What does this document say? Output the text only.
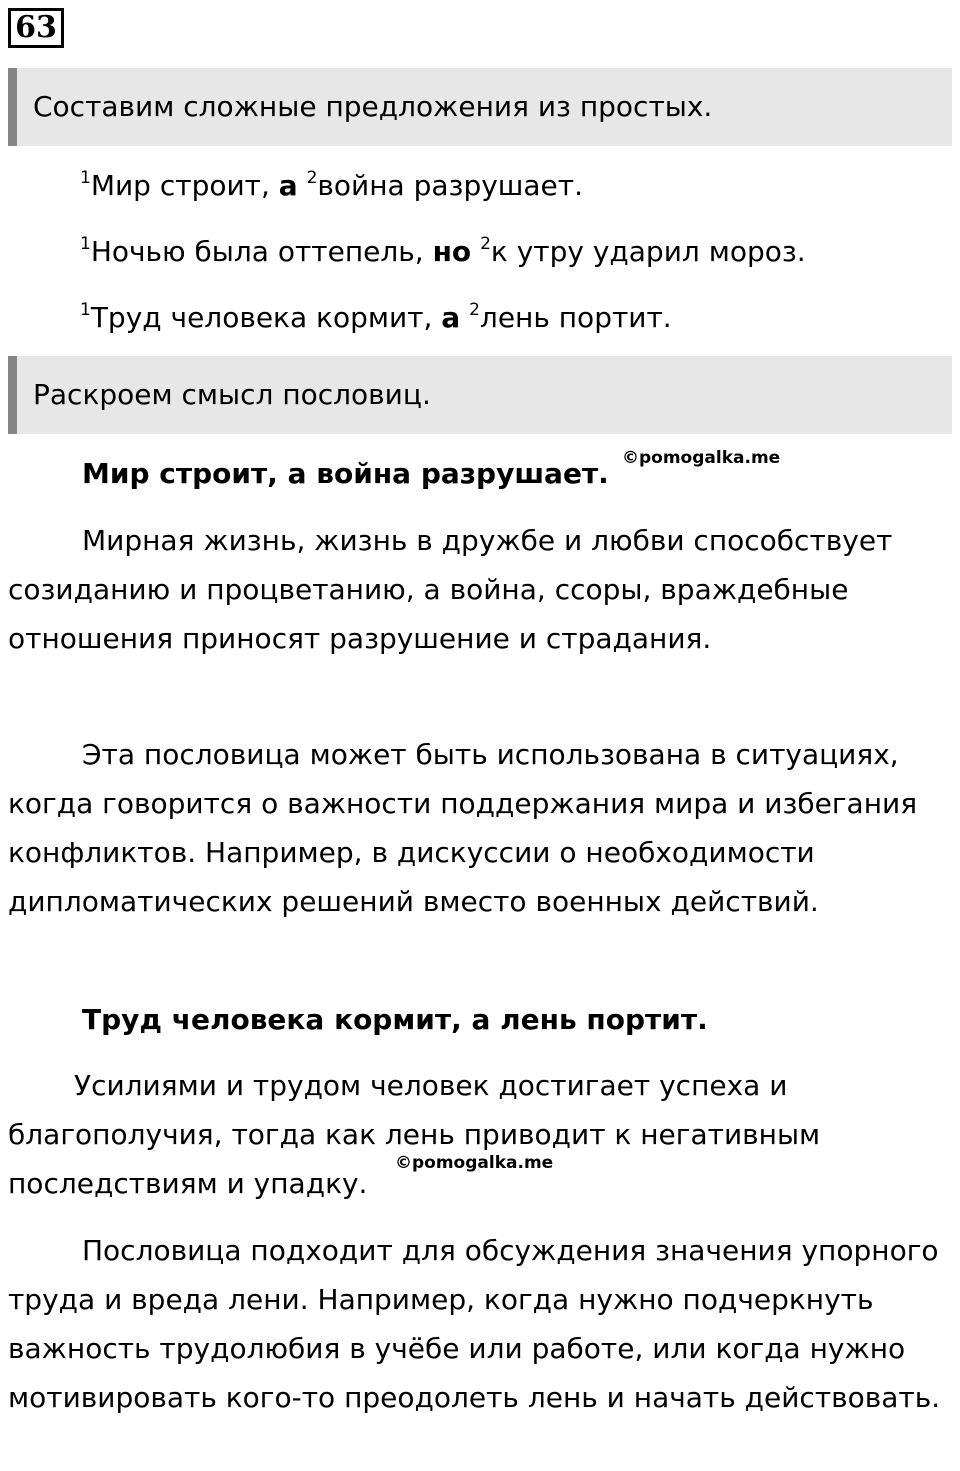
63
Составим сложные предложения из простых.
$^1$Мир строит, а $^2$война разрушает.
$^1$Ночью была оттепель, но $^2$к утру ударил мороз.
$^1$Труд человека кормит, а $^2$лень портит.
Раскроем смысл пословиц.
Мир строит, а война разрушает. ©pomogalka.me

Мирная жизнь, жизнь в дружбе и любви способствует созиданию и процветанию, а война, ссоры, враждебные отношения приносят разрушение и страдания.

Эта пословица может быть использована в ситуациях, когда говорится о важности поддержания мира и избегания конфликтов. Например, в дискуссии о необходимости дипломатических решений вместо военных действий.

Труд человека кормит, а лень портит.

Усилиями и трудом человек достигает успеха и благополучия, тогда как лень приводит к негативным последствиям и упадку.

©pomogalka.me

Пословица подходит для обсуждения значения упорного труда и вреда лени. Например, когда нужно подчеркнуть важность трудолюбия в учёбе или работе, или когда нужно мотивировать кого-то преодолеть лень и начать действовать.
